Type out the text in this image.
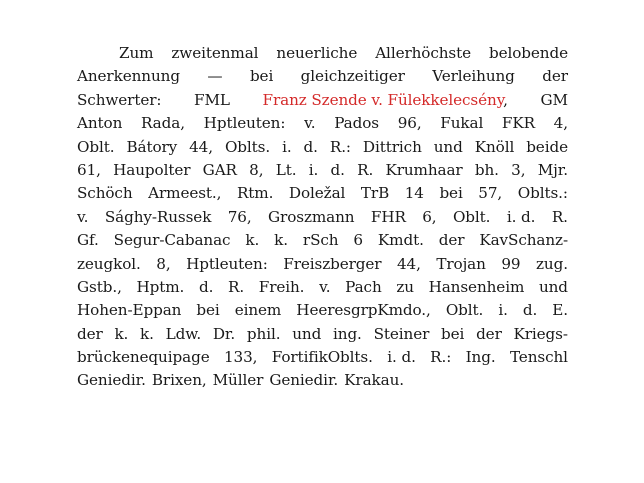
Zum zweitenmal neuerliche Allerhöchste belobende
Anerkennung — bei gleichzeitiger Verleihung der
Schwerter: FML Franz Szende v. Fülekkelecsény, GM
Anton Rada, Hptleuten: v. Pados 96, Fukal FKR 4,
Oblt. Bátory 44, Oblts. i. d. R.: Dittrich und Knöll beide
61, Haupolter GAR 8, Lt. i. d. R. Krumhaar bh. 3, Mjr.
Schöch Armeest., Rtm. Doležal TrB 14 bei 57, Oblts.:
v. Sághy-Russek 76, Groszmann FHR 6, Oblt. i. d. R.
Gf. Segur-Cabanac k. k. rSch 6 Kmdt. der KavSchanz-
zeugkol. 8, Hptleuten: Freiszberger 44, Trojan 99 zug.
Gstb., Hptm. d. R. Freih. v. Pach zu Hansenheim und
Hohen-Eppan bei einem HeeresgrpKmdo., Oblt. i. d. E.
der k. k. Ldw. Dr. phil. und ing. Steiner bei der Kriegs-
brückenequipage 133, FortifikOblts. i. d. R.: Ing. Tenschl
Geniedir. Brixen, Müller Geniedir. Krakau.
